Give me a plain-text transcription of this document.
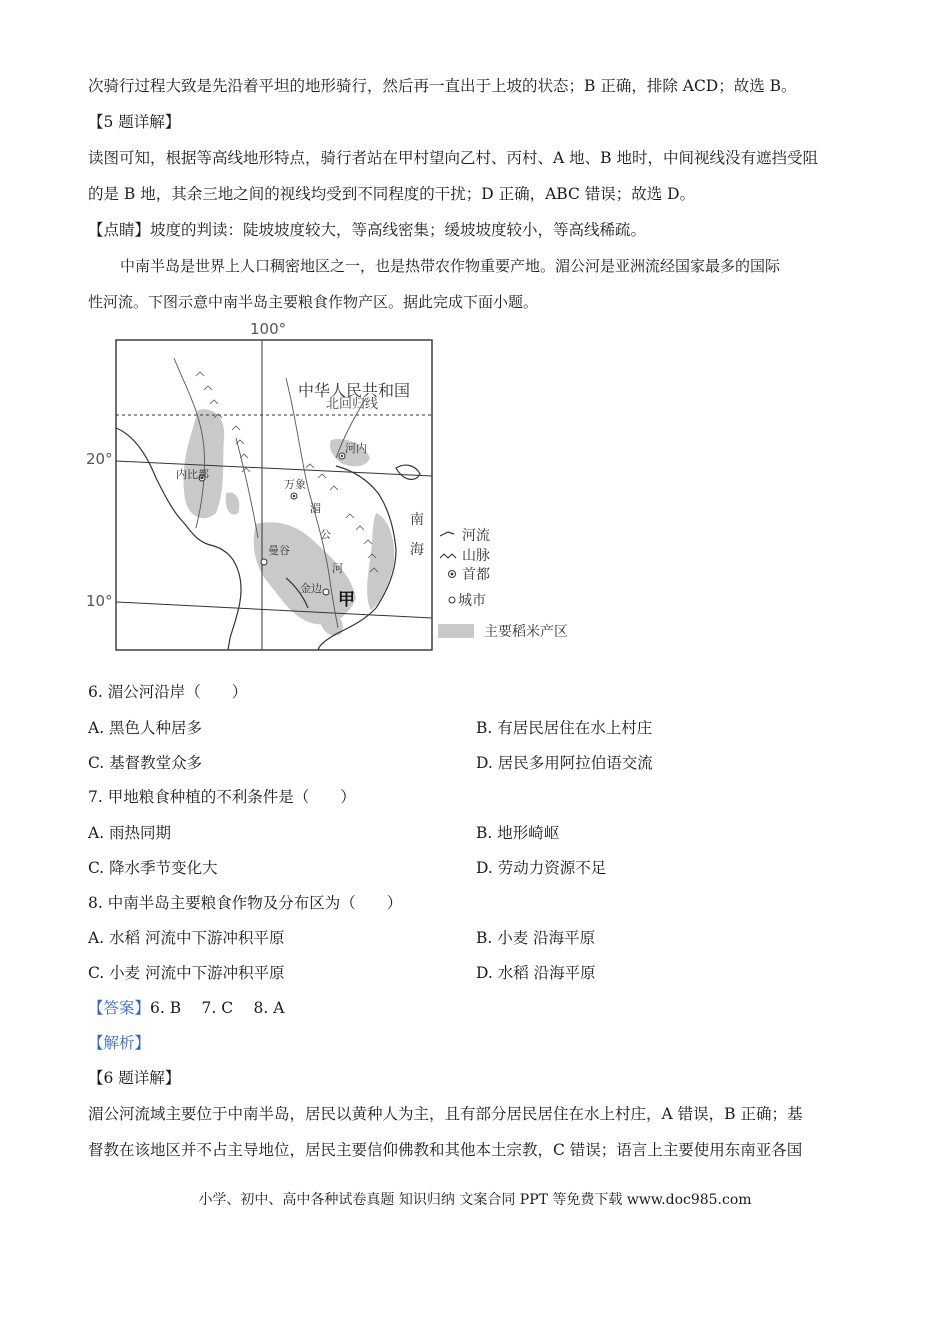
次骑行过程大致是先沿着平坦的地形骑行，然后再一直出于上坡的状态；B 正确，排除 ACD；故选 B。
【5 题详解】
读图可知，根据等高线地形特点，骑行者站在甲村望向乙村、丙村、A 地、B 地时，中间视线没有遮挡受阻
的是 B 地，其余三地之间的视线均受到不同程度的干扰；D 正确，ABC 错误；故选 D。
【点睛】坡度的判读：陡坡坡度较大，等高线密集；缓坡坡度较小，等高线稀疏。
中南半岛是世界上人口稠密地区之一，也是热带农作物重要产地。湄公河是亚洲流经国家最多的国际
性河流。下图示意中南半岛主要粮食作物产区。据此完成下面小题。
100°
北回归线
20°
10°
中华人民共和国
河内
内比都
万象
曼谷
金边
湄
公
河
甲
南
海
河流
山脉
首都
城市
主要稻米产区
6. 湄公河沿岸（　　）
A. 黑色人种居多	B. 有居民居住在水上村庄
C. 基督教堂众多	D. 居民多用阿拉伯语交流
7. 甲地粮食种植的不利条件是（　　）
A. 雨热同期	B. 地形崎岖
C. 降水季节变化大	D. 劳动力资源不足
8. 中南半岛主要粮食作物及分布区为（　　）
A. 水稻 河流中下游冲积平原	B. 小麦 沿海平原
C. 小麦 河流中下游冲积平原	D. 水稻 沿海平原
【答案】6. B　 7. C　 8. A
【解析】
【6 题详解】
湄公河流域主要位于中南半岛，居民以黄种人为主，且有部分居民居住在水上村庄，A 错误，B 正确；基
督教在该地区并不占主导地位，居民主要信仰佛教和其他本土宗教，C 错误；语言上主要使用东南亚各国
小学、初中、高中各种试卷真题 知识归纳 文案合同 PPT 等免费下载 www.doc985.com
